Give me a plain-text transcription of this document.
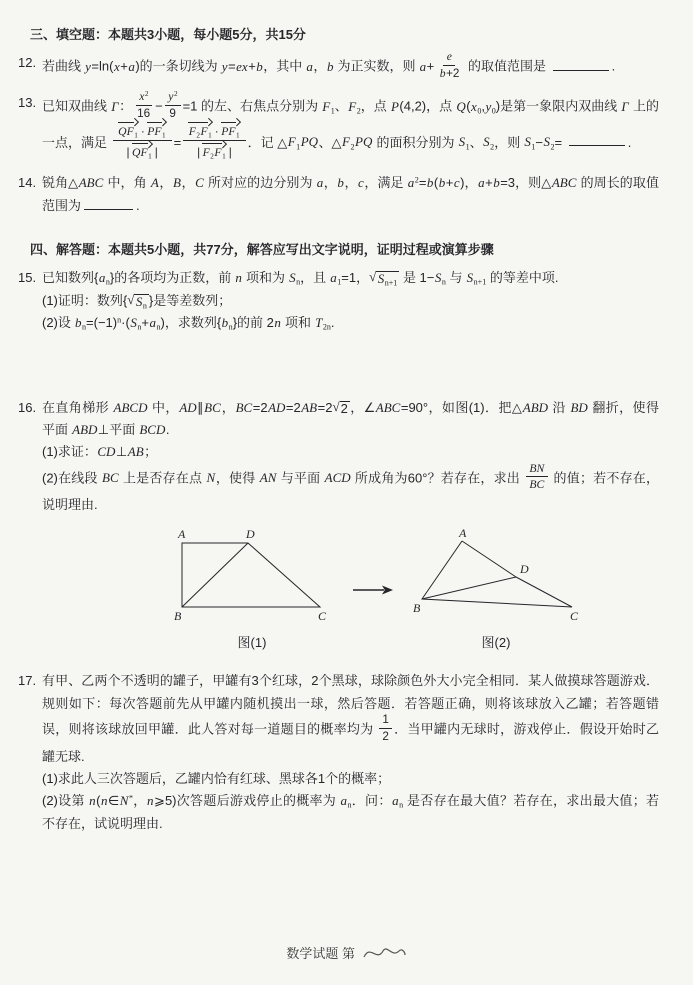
三、填空题：本题共3小题，每小题5分，共15分
12. 若曲线 y=ln(x+a)的一条切线为 y=ex+b，其中 a，b 为正实数，则 $a+ \frac{e}{b+2}$ 的取值范围是	.
13. 已知双曲线 Γ： $\frac{x^2}{16} - \frac{y^2}{9} =1$ 的左、右焦点分别为 F1、F2，点 P(4,2)，点 Q(x0,y0)是第一象限内双曲线 Γ 上的一点，满足 $\frac{QF1 \cdot PF1}{| QF1 |} = \frac{F2F1 \cdot PF1}{| F2F1 |}$ ．记 △F1PQ、△F2PQ 的面积分别为 S1、S2，则 S1−S2=	.
14. 锐角△ABC 中，角 A，B，C 所对应的边分别为 a，b，c，满足 $a^2=b(b+c)$，a+b=3，则△ABC 的周长的取值范围为	.
四、解答题：本题共5小题，共77分，解答应写出文字说明，证明过程或演算步骤
15. 已知数列{an}的各项均为正数，前 n 项和为 Sn，且 a1=1， √ Sn+1 是 1−Sn 与 Sn+1 的等差中项.
(1)证明：数列{ √ Sn }是等差数列；
(2)设 $bn=(-1)^n\cdot(Sn+an)$，求数列{bn}的前 2n 项和 T2n.
16. 在直角梯形 ABCD 中，AD∥BC，BC=2AD=2AB=2 √ 2 ，∠ABC=90°，如图(1)．把△ABD 沿 BD 翻折，使得平面 ABD⊥平面 BCD.
(1)求证：CD⊥AB；
(2)在线段 BC 上是否存在点 N，使得 AN 与平面 ACD 所成角为60°？若存在，求出 $\frac{BN}{BC}$ 的值；若不存在，说明理由.
A	D
B	C
图(1)
A
D
B
C
图(2)
17. 有甲、乙两个不透明的罐子，甲罐有3个红球，2个黑球，球除颜色外大小完全相同．某人做摸球答题游戏．规则如下：每次答题前先从甲罐内随机摸出一球，然后答题．若答题正确，则将该球放入乙罐；若答题错误，则将该球放回甲罐．此人答对每一道题目的概率均为 $\frac{1}{2}$ ．当甲罐内无球时，游戏停止．假设开始时乙罐无球.
(1)求此人三次答题后，乙罐内恰有红球、黑球各1个的概率；
(2)设第 n(n∈N*，n⩾5)次答题后游戏停止的概率为 an．问：an 是否存在最大值？若存在，求出最大值；若不存在，试说明理由.
数学试题 第
